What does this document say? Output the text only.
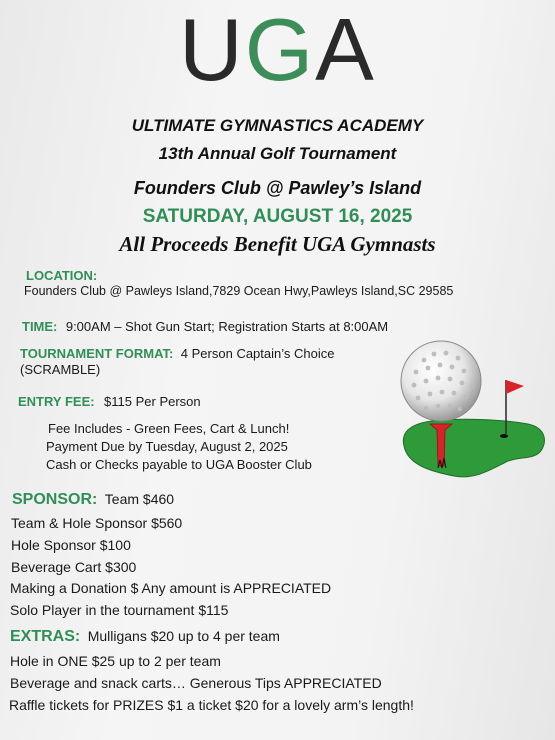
UGA
ULTIMATE GYMNASTICS ACADEMY
13th Annual Golf Tournament
Founders Club @ Pawley’s Island
SATURDAY, AUGUST 16, 2025
All Proceeds Benefit UGA Gymnasts
LOCATION:
Founders Club @ Pawleys Island,7829 Ocean Hwy,Pawleys Island,SC 29585
TIME: 9:00AM – Shot Gun Start; Registration Starts at 8:00AM
TOURNAMENT FORMAT: 4 Person Captain’s Choice
(SCRAMBLE)
ENTRY FEE: $115 Per Person
Fee Includes - Green Fees, Cart & Lunch!
Payment Due by Tuesday, August 2, 2025
Cash or Checks payable to UGA Booster Club
SPONSOR: Team $460
Team & Hole Sponsor $560
Hole Sponsor $100
Beverage Cart $300
Making a Donation $ Any amount is APPRECIATED
Solo Player in the tournament $115
EXTRAS: Mulligans $20 up to 4 per team
Hole in ONE $25 up to 2 per team
Beverage and snack carts… Generous Tips APPRECIATED
Raffle tickets for PRIZES $1 a ticket $20 for a lovely arm’s length!
